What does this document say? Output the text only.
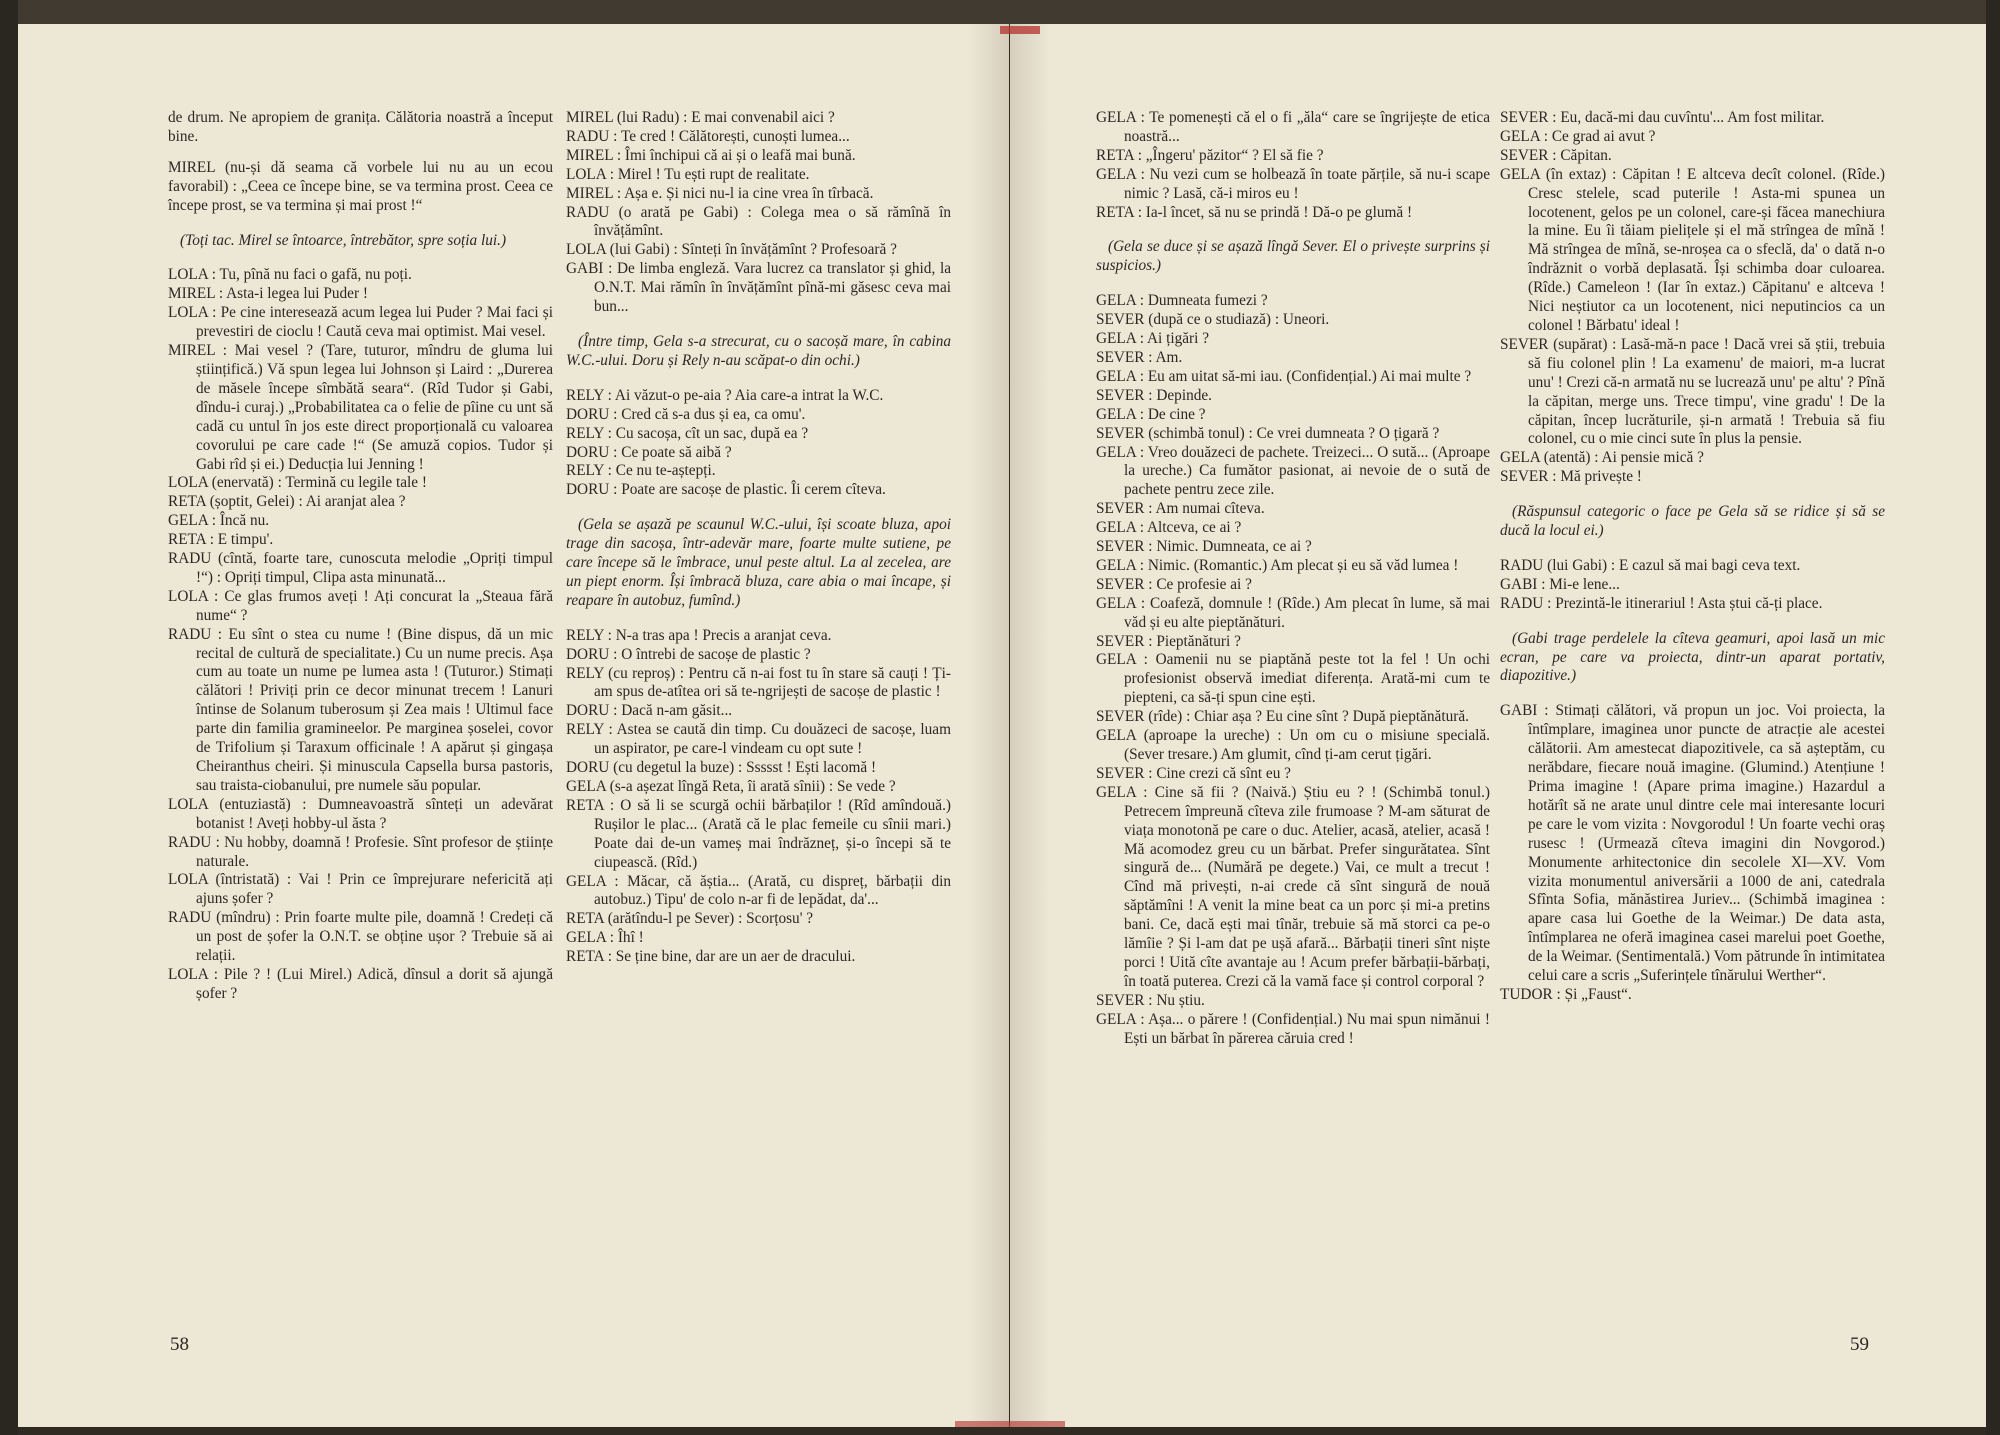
de drum. Ne apropiem de granița. Călătoria noastră a început bine.

MIREL (nu-și dă seama că vorbele lui nu au un ecou favorabil) : „Ceea ce începe bine, se va termina prost. Ceea ce începe prost, se va termina și mai prost !“

(Toți tac. Mirel se întoarce, întrebător, spre soția lui.)

LOLA : Tu, pînă nu faci o gafă, nu poți.

MIREL : Asta-i legea lui Puder !

LOLA : Pe cine interesează acum legea lui Puder ? Mai faci și prevestiri de cioclu ! Caută ceva mai optimist. Mai vesel.

MIREL : Mai vesel ? (Tare, tuturor, mîndru de gluma lui științifică.) Vă spun legea lui Johnson și Laird : „Durerea de măsele începe sîmbătă seara“. (Rîd Tudor și Gabi, dîndu-i curaj.) „Probabilitatea ca o felie de pîine cu unt să cadă cu untul în jos este direct proporțională cu valoarea covorului pe care cade !“ (Se amuză copios. Tudor și Gabi rîd și ei.) Deducția lui Jenning !

LOLA (enervată) : Termină cu legile tale !

RETA (șoptit, Gelei) : Ai aranjat alea ?

GELA : Încă nu.

RETA : E timpu'.

RADU (cîntă, foarte tare, cunoscuta melodie „Opriți timpul !“) : Opriți timpul, Clipa asta minunată...

LOLA : Ce glas frumos aveți ! Ați concurat la „Steaua fără nume“ ?

RADU : Eu sînt o stea cu nume ! (Bine dispus, dă un mic recital de cultură de specialitate.) Cu un nume precis. Așa cum au toate un nume pe lumea asta ! (Tuturor.) Stimați călători ! Priviți prin ce decor minunat trecem ! Lanuri întinse de Solanum tuberosum și Zea mais ! Ultimul face parte din familia gramineelor. Pe marginea șoselei, covor de Trifolium și Taraxum officinale ! A apărut și gingașa Cheiranthus cheiri. Și minuscula Capsella bursa pastoris, sau traista-ciobanului, pre numele său popular.

LOLA (entuziastă) : Dumneavoastră sînteți un adevărat botanist ! Aveți hobby-ul ăsta ?

RADU : Nu hobby, doamnă ! Profesie. Sînt profesor de științe naturale.

LOLA (întristată) : Vai ! Prin ce împrejurare nefericită ați ajuns șofer ?

RADU (mîndru) : Prin foarte multe pile, doamnă ! Credeți că un post de șofer la O.N.T. se obține ușor ? Trebuie să ai relații.

LOLA : Pile ? ! (Lui Mirel.) Adică, dînsul a dorit să ajungă șofer ?

MIREL (lui Radu) : E mai convenabil aici ?

RADU : Te cred ! Călătorești, cunoști lumea...

MIREL : Îmi închipui că ai și o leafă mai bună.

LOLA : Mirel ! Tu ești rupt de realitate.

MIREL : Așa e. Și nici nu-l ia cine vrea în tîrbacă.

RADU (o arată pe Gabi) : Colega mea o să rămînă în învățămînt.

LOLA (lui Gabi) : Sînteți în învățămînt ? Profesoară ?

GABI : De limba engleză. Vara lucrez ca translator și ghid, la O.N.T. Mai rămîn în învățămînt pînă-mi găsesc ceva mai bun...

(Între timp, Gela s-a strecurat, cu o sacoșă mare, în cabina W.C.-ului. Doru și Rely n-au scăpat-o din ochi.)

RELY : Ai văzut-o pe-aia ? Aia care-a intrat la W.C.

DORU : Cred că s-a dus și ea, ca omu'.

RELY : Cu sacoșa, cît un sac, după ea ?

DORU : Ce poate să aibă ?

RELY : Ce nu te-aștepți.

DORU : Poate are sacoșe de plastic. Îi cerem cîteva.

(Gela se așază pe scaunul W.C.-ului, își scoate bluza, apoi trage din sacoșa, într-adevăr mare, foarte multe sutiene, pe care începe să le îmbrace, unul peste altul. La al zecelea, are un piept enorm. Își îmbracă bluza, care abia o mai încape, și reapare în autobuz, fumînd.)

RELY : N-a tras apa ! Precis a aranjat ceva.

DORU : O întrebi de sacoșe de plastic ?

RELY (cu reproș) : Pentru că n-ai fost tu în stare să cauți ! Ți-am spus de-atîtea ori să te-ngrijești de sacoșe de plastic !

DORU : Dacă n-am găsit...

RELY : Astea se caută din timp. Cu douăzeci de sacoșe, luam un aspirator, pe care-l vindeam cu opt sute !

DORU (cu degetul la buze) : Ssssst ! Ești lacomă !

GELA (s-a așezat lîngă Reta, îi arată sînii) : Se vede ?

RETA : O să li se scurgă ochii bărbaților ! (Rîd amîndouă.) Rușilor le plac... (Arată că le plac femeile cu sînii mari.) Poate dai de-un vameș mai îndrăzneț, și-o începi să te ciupească. (Rîd.)

GELA : Măcar, că ăștia... (Arată, cu dispreț, bărbații din autobuz.) Tipu' de colo n-ar fi de lepădat, da'...

RETA (arătîndu-l pe Sever) : Scorțosu' ?

GELA : Îhî !

RETA : Se ține bine, dar are un aer de dracului.

58

GELA : Te pomenești că el o fi „ăla“ care se îngrijește de etica noastră...

RETA : „Îngeru' păzitor“ ? El să fie ?

GELA : Nu vezi cum se holbează în toate părțile, să nu-i scape nimic ? Lasă, că-i miros eu !

RETA : Ia-l încet, să nu se prindă ! Dă-o pe glumă !

(Gela se duce și se așază lîngă Sever. El o privește surprins și suspicios.)

GELA : Dumneata fumezi ?

SEVER (după ce o studiază) : Uneori.

GELA : Ai țigări ?

SEVER : Am.

GELA : Eu am uitat să-mi iau. (Confidențial.) Ai mai multe ?

SEVER : Depinde.

GELA : De cine ?

SEVER (schimbă tonul) : Ce vrei dumneata ? O țigară ?

GELA : Vreo douăzeci de pachete. Treizeci... O sută... (Aproape la ureche.) Ca fumător pasionat, ai nevoie de o sută de pachete pentru zece zile.

SEVER : Am numai cîteva.

GELA : Altceva, ce ai ?

SEVER : Nimic. Dumneata, ce ai ?

GELA : Nimic. (Romantic.) Am plecat și eu să văd lumea !

SEVER : Ce profesie ai ?

GELA : Coafeză, domnule ! (Rîde.) Am plecat în lume, să mai văd și eu alte pieptănături.

SEVER : Pieptănături ?

GELA : Oamenii nu se piaptănă peste tot la fel ! Un ochi profesionist observă imediat diferența. Arată-mi cum te piepteni, ca să-ți spun cine ești.

SEVER (rîde) : Chiar așa ? Eu cine sînt ? După pieptănătură.

GELA (aproape la ureche) : Un om cu o misiune specială. (Sever tresare.) Am glumit, cînd ți-am cerut țigări.

SEVER : Cine crezi că sînt eu ?

GELA : Cine să fii ? (Naivă.) Știu eu ? ! (Schimbă tonul.) Petrecem împreună cîteva zile frumoase ? M-am săturat de viața monotonă pe care o duc. Atelier, acasă, atelier, acasă ! Mă acomodez greu cu un bărbat. Prefer singurătatea. Sînt singură de... (Numără pe degete.) Vai, ce mult a trecut ! Cînd mă privești, n-ai crede că sînt singură de nouă săptămîni ! A venit la mine beat ca un porc și mi-a pretins bani. Ce, dacă ești mai tînăr, trebuie să mă storci ca pe-o lămîie ? Și l-am dat pe ușă afară... Bărbații tineri sînt niște porci ! Uită cîte avantaje au ! Acum prefer bărbații-bărbați, în toată puterea. Crezi că la vamă face și control corporal ?

SEVER : Nu știu.

GELA : Așa... o părere ! (Confidențial.) Nu mai spun nimănui ! Ești un bărbat în părerea căruia cred !

SEVER : Eu, dacă-mi dau cuvîntu'... Am fost militar.

GELA : Ce grad ai avut ?

SEVER : Căpitan.

GELA (în extaz) : Căpitan ! E altceva decît colonel. (Rîde.) Cresc stelele, scad puterile ! Asta-mi spunea un locotenent, gelos pe un colonel, care-și făcea manechiura la mine. Eu îi tăiam pielițele și el mă strîngea de mînă ! Mă strîngea de mînă, se-nroșea ca o sfeclă, da' o dată n-o îndrăznit o vorbă deplasată. Își schimba doar culoarea. (Rîde.) Cameleon ! (Iar în extaz.) Căpitanu' e altceva ! Nici neștiutor ca un locotenent, nici neputincios ca un colonel ! Bărbatu' ideal !

SEVER (supărat) : Lasă-mă-n pace ! Dacă vrei să știi, trebuia să fiu colonel plin ! La examenu' de maiori, m-a lucrat unu' ! Crezi că-n armată nu se lucrează unu' pe altu' ? Pînă la căpitan, merge uns. Trece timpu', vine gradu' ! De la căpitan, încep lucrăturile, și-n armată ! Trebuia să fiu colonel, cu o mie cinci sute în plus la pensie.

GELA (atentă) : Ai pensie mică ?

SEVER : Mă privește !

(Răspunsul categoric o face pe Gela să se ridice și să se ducă la locul ei.)

RADU (lui Gabi) : E cazul să mai bagi ceva text.

GABI : Mi-e lene...

RADU : Prezintă-le itinerariul ! Asta ștui că-ți place.

(Gabi trage perdelele la cîteva geamuri, apoi lasă un mic ecran, pe care va proiecta, dintr-un aparat portativ, diapozitive.)

GABI : Stimați călători, vă propun un joc. Voi proiecta, la întîmplare, imaginea unor puncte de atracție ale acestei călătorii. Am amestecat diapozitivele, ca să așteptăm, cu nerăbdare, fiecare nouă imagine. (Glumind.) Atențiune ! Prima imagine ! (Apare prima imagine.) Hazardul a hotărît să ne arate unul dintre cele mai interesante locuri pe care le vom vizita : Novgorodul ! Un foarte vechi oraș rusesc ! (Urmează cîteva imagini din Novgorod.) Monumente arhitectonice din secolele XI—XV. Vom vizita monumentul aniversării a 1000 de ani, catedrala Sfînta Sofia, mănăstirea Juriev... (Schimbă imaginea : apare casa lui Goethe de la Weimar.) De data asta, întîmplarea ne oferă imaginea casei marelui poet Goethe, de la Weimar. (Sentimentală.) Vom pătrunde în intimitatea celui care a scris „Suferințele tînărului Werther“.

TUDOR : Și „Faust“.

59
